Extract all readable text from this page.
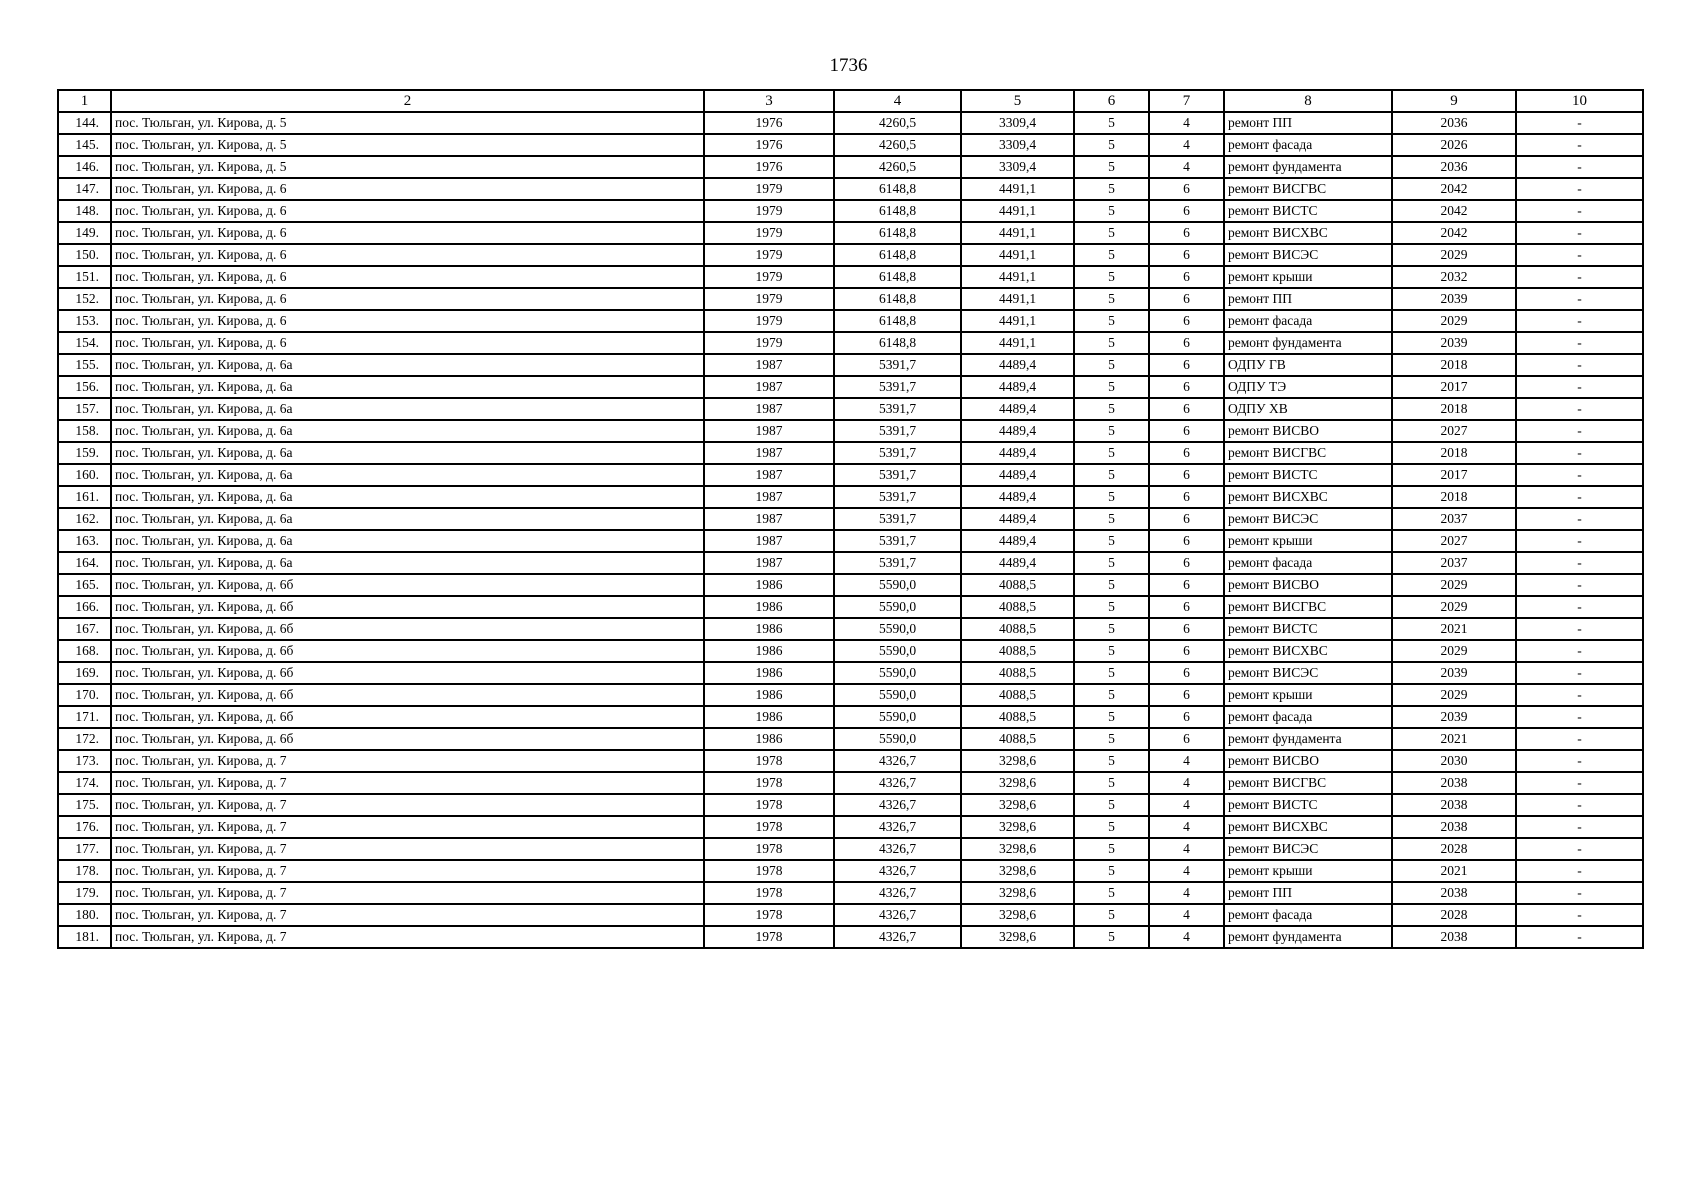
1736
1	2	3	4	5	6	7	8	9	10
144.	пос. Тюльган, ул. Кирова, д. 5	1976	4260,5	3309,4	5	4	ремонт ПП	2036	-
145.	пос. Тюльган, ул. Кирова, д. 5	1976	4260,5	3309,4	5	4	ремонт фасада	2026	-
146.	пос. Тюльган, ул. Кирова, д. 5	1976	4260,5	3309,4	5	4	ремонт фундамента	2036	-
147.	пос. Тюльган, ул. Кирова, д. 6	1979	6148,8	4491,1	5	6	ремонт ВИСГВС	2042	-
148.	пос. Тюльган, ул. Кирова, д. 6	1979	6148,8	4491,1	5	6	ремонт ВИСТС	2042	-
149.	пос. Тюльган, ул. Кирова, д. 6	1979	6148,8	4491,1	5	6	ремонт ВИСХВС	2042	-
150.	пос. Тюльган, ул. Кирова, д. 6	1979	6148,8	4491,1	5	6	ремонт ВИСЭС	2029	-
151.	пос. Тюльган, ул. Кирова, д. 6	1979	6148,8	4491,1	5	6	ремонт крыши	2032	-
152.	пос. Тюльган, ул. Кирова, д. 6	1979	6148,8	4491,1	5	6	ремонт ПП	2039	-
153.	пос. Тюльган, ул. Кирова, д. 6	1979	6148,8	4491,1	5	6	ремонт фасада	2029	-
154.	пос. Тюльган, ул. Кирова, д. 6	1979	6148,8	4491,1	5	6	ремонт фундамента	2039	-
155.	пос. Тюльган, ул. Кирова, д. 6а	1987	5391,7	4489,4	5	6	ОДПУ ГВ	2018	-
156.	пос. Тюльган, ул. Кирова, д. 6а	1987	5391,7	4489,4	5	6	ОДПУ ТЭ	2017	-
157.	пос. Тюльган, ул. Кирова, д. 6а	1987	5391,7	4489,4	5	6	ОДПУ ХВ	2018	-
158.	пос. Тюльган, ул. Кирова, д. 6а	1987	5391,7	4489,4	5	6	ремонт ВИСВО	2027	-
159.	пос. Тюльган, ул. Кирова, д. 6а	1987	5391,7	4489,4	5	6	ремонт ВИСГВС	2018	-
160.	пос. Тюльган, ул. Кирова, д. 6а	1987	5391,7	4489,4	5	6	ремонт ВИСТС	2017	-
161.	пос. Тюльган, ул. Кирова, д. 6а	1987	5391,7	4489,4	5	6	ремонт ВИСХВС	2018	-
162.	пос. Тюльган, ул. Кирова, д. 6а	1987	5391,7	4489,4	5	6	ремонт ВИСЭС	2037	-
163.	пос. Тюльган, ул. Кирова, д. 6а	1987	5391,7	4489,4	5	6	ремонт крыши	2027	-
164.	пос. Тюльган, ул. Кирова, д. 6а	1987	5391,7	4489,4	5	6	ремонт фасада	2037	-
165.	пос. Тюльган, ул. Кирова, д. 6б	1986	5590,0	4088,5	5	6	ремонт ВИСВО	2029	-
166.	пос. Тюльган, ул. Кирова, д. 6б	1986	5590,0	4088,5	5	6	ремонт ВИСГВС	2029	-
167.	пос. Тюльган, ул. Кирова, д. 6б	1986	5590,0	4088,5	5	6	ремонт ВИСТС	2021	-
168.	пос. Тюльган, ул. Кирова, д. 6б	1986	5590,0	4088,5	5	6	ремонт ВИСХВС	2029	-
169.	пос. Тюльган, ул. Кирова, д. 6б	1986	5590,0	4088,5	5	6	ремонт ВИСЭС	2039	-
170.	пос. Тюльган, ул. Кирова, д. 6б	1986	5590,0	4088,5	5	6	ремонт крыши	2029	-
171.	пос. Тюльган, ул. Кирова, д. 6б	1986	5590,0	4088,5	5	6	ремонт фасада	2039	-
172.	пос. Тюльган, ул. Кирова, д. 6б	1986	5590,0	4088,5	5	6	ремонт фундамента	2021	-
173.	пос. Тюльган, ул. Кирова, д. 7	1978	4326,7	3298,6	5	4	ремонт ВИСВО	2030	-
174.	пос. Тюльган, ул. Кирова, д. 7	1978	4326,7	3298,6	5	4	ремонт ВИСГВС	2038	-
175.	пос. Тюльган, ул. Кирова, д. 7	1978	4326,7	3298,6	5	4	ремонт ВИСТС	2038	-
176.	пос. Тюльган, ул. Кирова, д. 7	1978	4326,7	3298,6	5	4	ремонт ВИСХВС	2038	-
177.	пос. Тюльган, ул. Кирова, д. 7	1978	4326,7	3298,6	5	4	ремонт ВИСЭС	2028	-
178.	пос. Тюльган, ул. Кирова, д. 7	1978	4326,7	3298,6	5	4	ремонт крыши	2021	-
179.	пос. Тюльган, ул. Кирова, д. 7	1978	4326,7	3298,6	5	4	ремонт ПП	2038	-
180.	пос. Тюльган, ул. Кирова, д. 7	1978	4326,7	3298,6	5	4	ремонт фасада	2028	-
181.	пос. Тюльган, ул. Кирова, д. 7	1978	4326,7	3298,6	5	4	ремонт фундамента	2038	-
